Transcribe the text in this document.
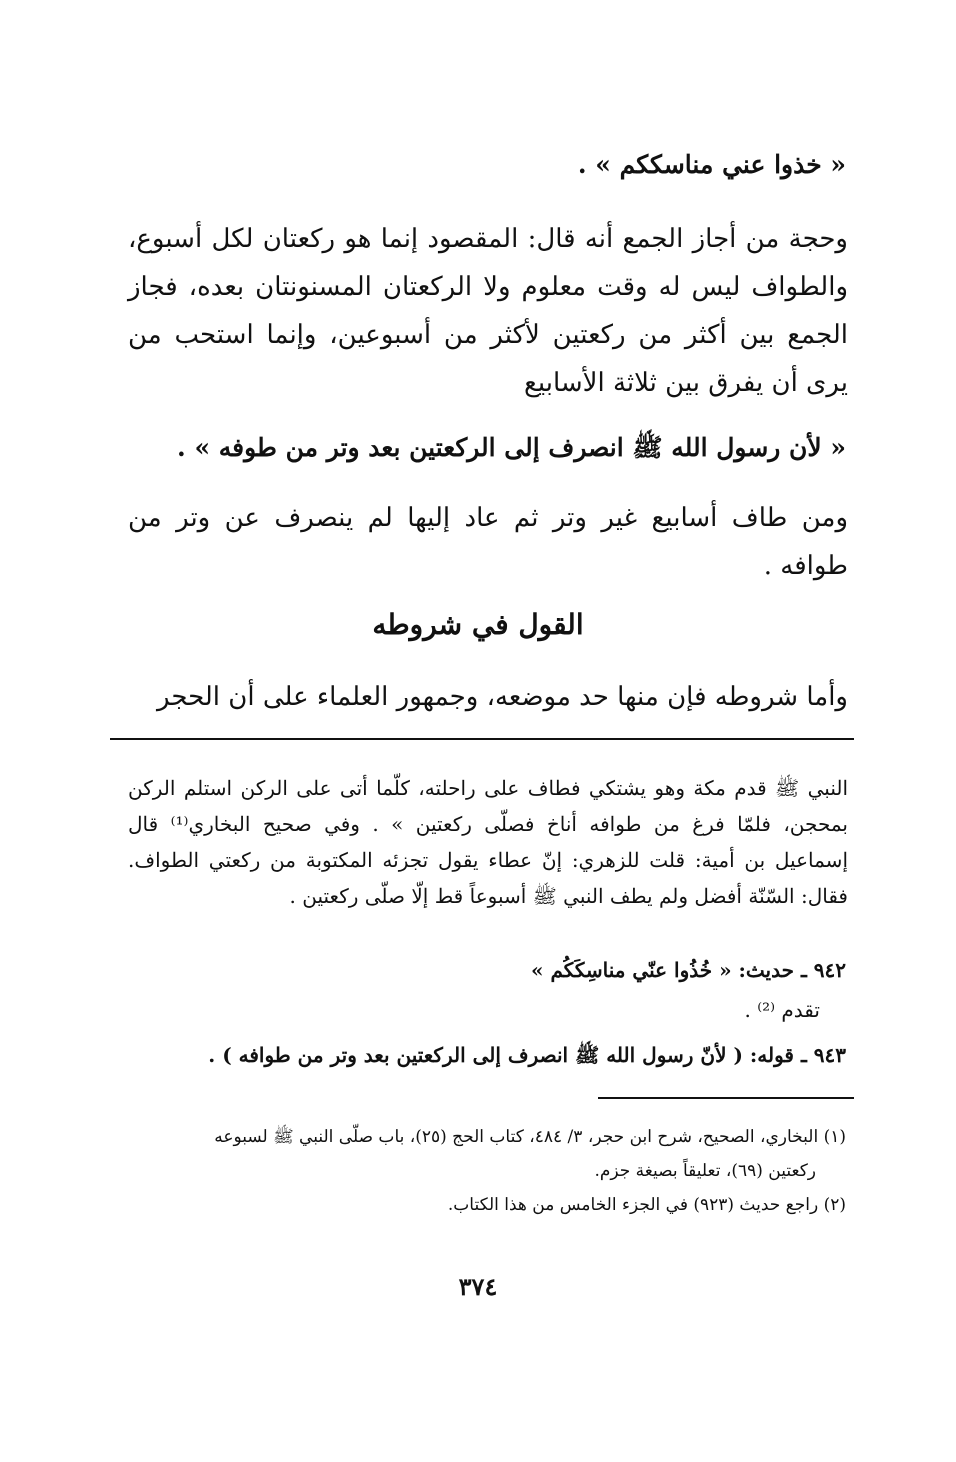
« خذوا عني مناسككم » .
وحجة من أجاز الجمع أنه قال: المقصود إنما هو ركعتان لكل أسبوع، والطواف ليس له وقت معلوم ولا الركعتان المسنونتان بعده، فجاز الجمع بين أكثر من ركعتين لأكثر من أسبوعين، وإنما استحب من يرى أن يفرق بين ثلاثة الأسابيع
« لأن رسول الله ﷺ انصرف إلى الركعتين بعد وتر من طوفه » .
ومن طاف أسابيع غير وتر ثم عاد إليها لم ينصرف عن وتر من طوافه .
القول في شروطه
وأما شروطه فإن منها حد موضعه، وجمهور العلماء على أن الحجر
النبي ﷺ قدم مكة وهو يشتكي فطاف على راحلته، كلّما أتى على الركن استلم الركن بمحجن، فلمّا فرغ من طوافه أناخ فصلّى ركعتين » . وفي صحيح البخاري⁽¹⁾ قال إسماعيل بن أمية: قلت للزهري: إنّ عطاء يقول تجزئه المكتوبة من ركعتي الطواف. فقال: السّنّة أفضل ولم يطف النبي ﷺ أسبوعاً قط إلّا صلّى ركعتين .
٩٤٢ ـ حديث: « خُذُوا عنّي مناسِكَكُم »
تقدم ⁽²⁾ .
٩٤٣ ـ قوله: ( لأنّ رسول الله ﷺ انصرف إلى الركعتين بعد وتر من طوافه ) .
(١) البخاري، الصحيح، شرح ابن حجر، ٣/ ٤٨٤، كتاب الحج (٢٥)، باب صلّى النبي ﷺ لسبوعه
ركعتين (٦٩)، تعليقاً بصيغة جزم.
(٢) راجع حديث (٩٢٣) في الجزء الخامس من هذا الكتاب.
٣٧٤
